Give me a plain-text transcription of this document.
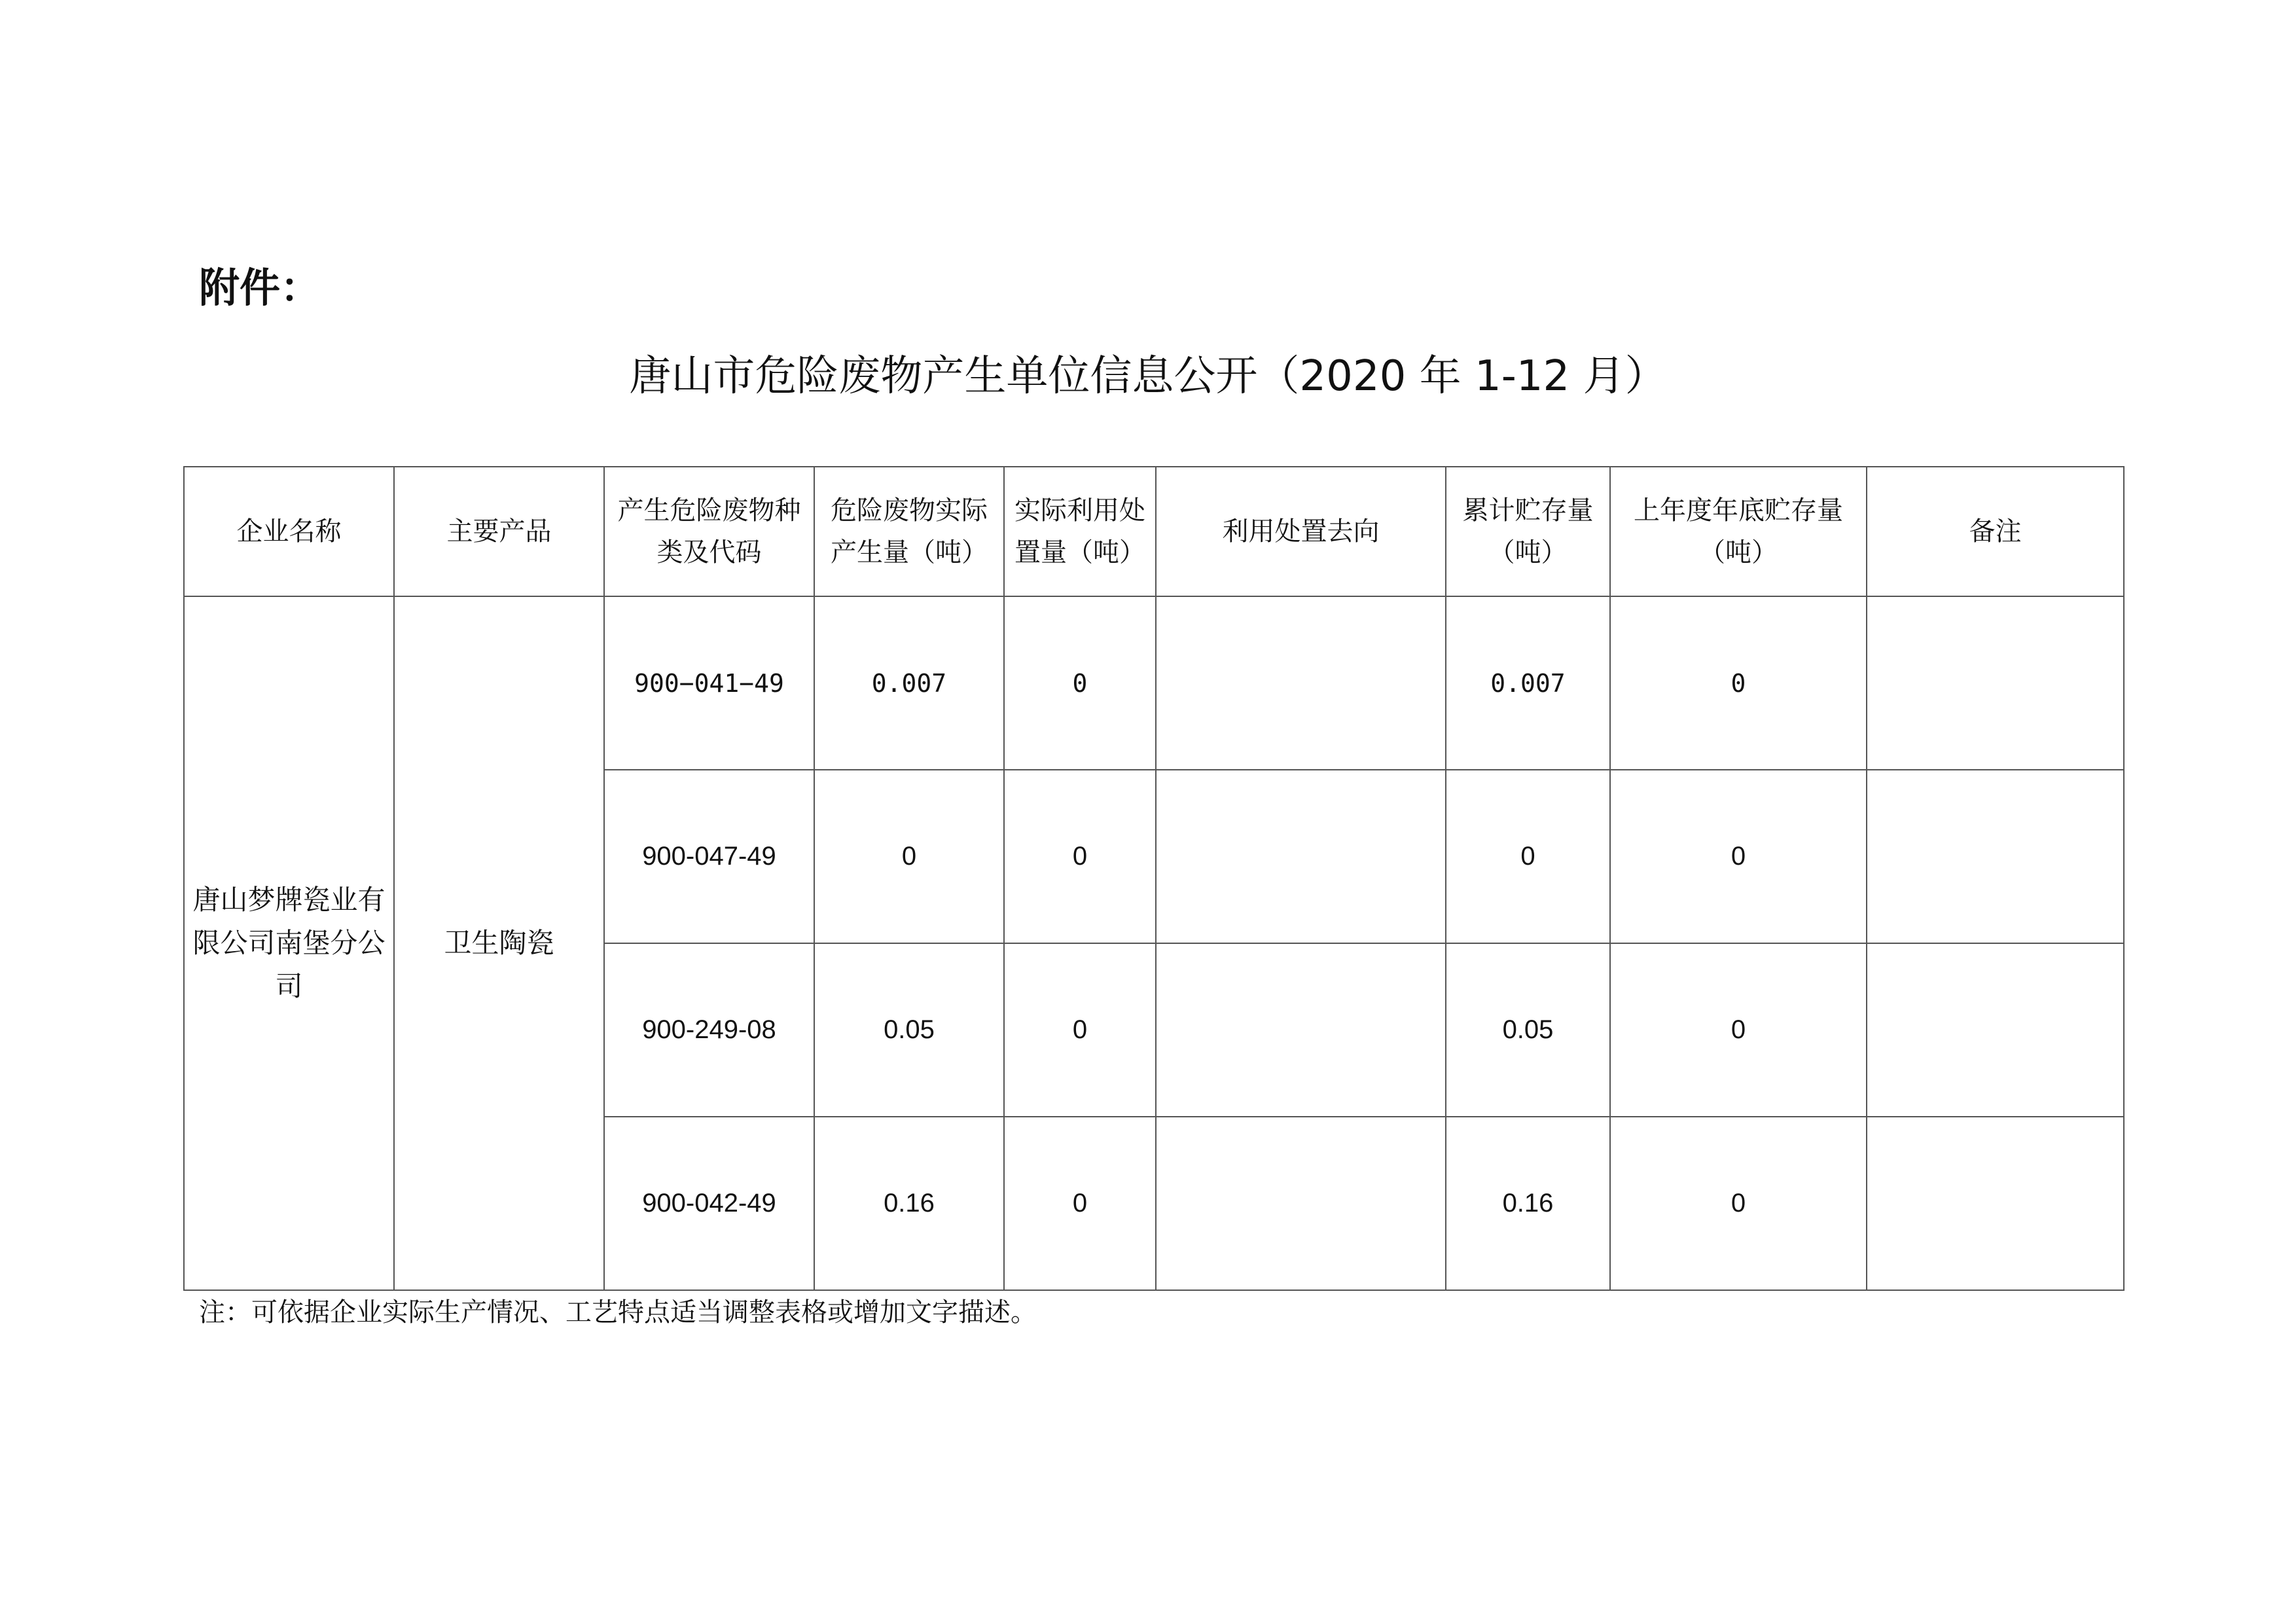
附件：
唐山市危险废物产生单位信息公开（2020 年 1-12 月）
企业名称	主要产品	产生危险废物种类及代码	危险废物实际产生量（吨）	实际利用处置量（吨）	利用处置去向	累计贮存量（吨）	上年度年底贮存量（吨）	备注
唐山梦牌瓷业有限公司南堡分公司	卫生陶瓷	900−041−49	0.007	0		0.007	0	
		900-047-49	0	0		0	0	
		900-249-08	0.05	0		0.05	0	
		900-042-49	0.16	0		0.16	0	
注：可依据企业实际生产情况、工艺特点适当调整表格或增加文字描述。
